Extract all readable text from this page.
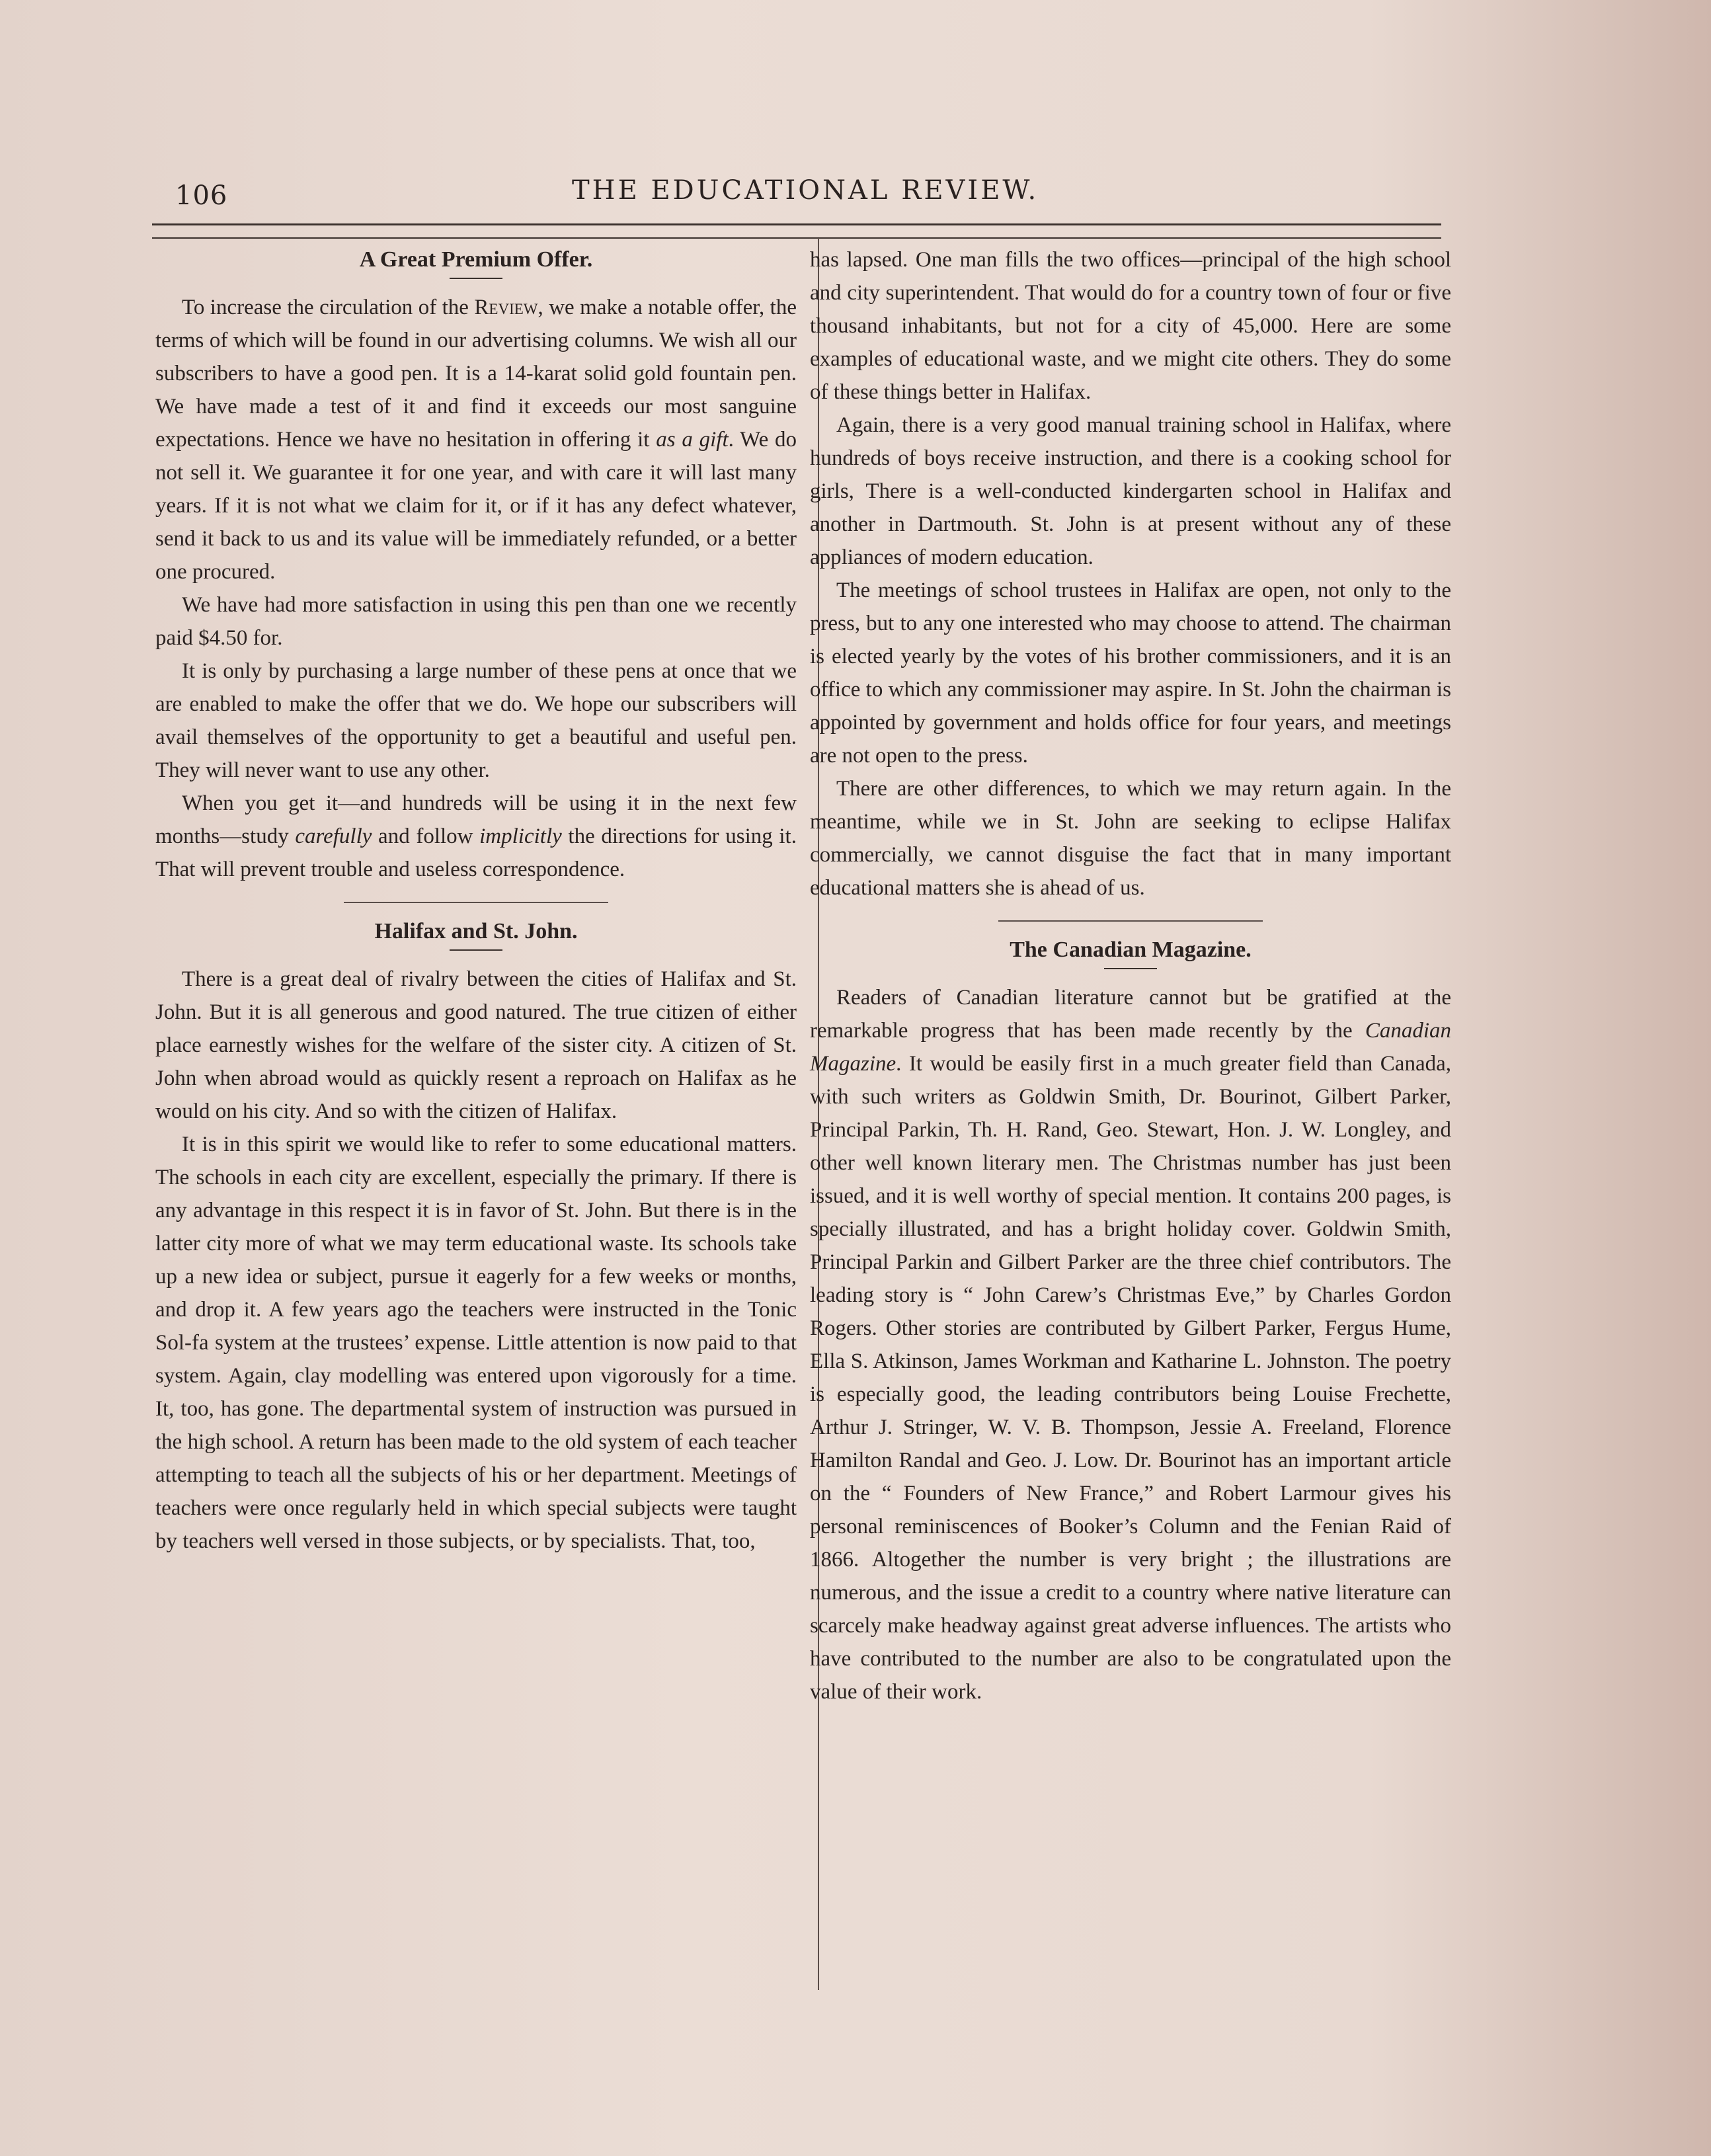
106	THE EDUCATIONAL REVIEW.
A Great Premium Offer.

To increase the circulation of the Review, we make a notable offer, the terms of which will be found in our advertising columns. We wish all our subscribers to have a good pen. It is a 14-karat solid gold fountain pen. We have made a test of it and find it exceeds our most sanguine expectations. Hence we have no hesitation in offering it as a gift. We do not sell it. We guarantee it for one year, and with care it will last many years. If it is not what we claim for it, or if it has any defect whatever, send it back to us and its value will be immediately refunded, or a better one procured.

We have had more satisfaction in using this pen than one we recently paid $4.50 for.

It is only by purchasing a large number of these pens at once that we are enabled to make the offer that we do. We hope our subscribers will avail themselves of the opportunity to get a beautiful and useful pen. They will never want to use any other.

When you get it—and hundreds will be using it in the next few months—study carefully and follow implicitly the directions for using it. That will prevent trouble and useless correspondence.

Halifax and St. John.

There is a great deal of rivalry between the cities of Halifax and St. John. But it is all generous and good natured. The true citizen of either place earnestly wishes for the welfare of the sister city. A citizen of St. John when abroad would as quickly resent a reproach on Halifax as he would on his city. And so with the citizen of Halifax.

It is in this spirit we would like to refer to some educational matters. The schools in each city are excellent, especially the primary. If there is any advantage in this respect it is in favor of St. John. But there is in the latter city more of what we may term educational waste. Its schools take up a new idea or subject, pursue it eagerly for a few weeks or months, and drop it. A few years ago the teachers were instructed in the Tonic Sol-fa system at the trustees’ expense. Little attention is now paid to that system. Again, clay modelling was entered upon vigorously for a time. It, too, has gone. The departmental system of instruction was pursued in the high school. A return has been made to the old system of each teacher attempting to teach all the subjects of his or her department. Meetings of teachers were once regularly held in which special subjects were taught by teachers well versed in those subjects, or by specialists. That, too,

has lapsed. One man fills the two offices—principal of the high school and city superintendent. That would do for a country town of four or five thousand inhabitants, but not for a city of 45,000. Here are some examples of educational waste, and we might cite others. They do some of these things better in Halifax.

Again, there is a very good manual training school in Halifax, where hundreds of boys receive instruction, and there is a cooking school for girls, There is a well-conducted kindergarten school in Halifax and another in Dartmouth. St. John is at present without any of these appliances of modern education.

The meetings of school trustees in Halifax are open, not only to the press, but to any one interested who may choose to attend. The chairman is elected yearly by the votes of his brother commissioners, and it is an office to which any commissioner may aspire. In St. John the chairman is appointed by government and holds office for four years, and meetings are not open to the press.

There are other differences, to which we may return again. In the meantime, while we in St. John are seeking to eclipse Halifax commercially, we cannot disguise the fact that in many important educational matters she is ahead of us.

The Canadian Magazine.

Readers of Canadian literature cannot but be gratified at the remarkable progress that has been made recently by the Canadian Magazine. It would be easily first in a much greater field than Canada, with such writers as Goldwin Smith, Dr. Bourinot, Gilbert Parker, Principal Parkin, Th. H. Rand, Geo. Stewart, Hon. J. W. Longley, and other well known literary men. The Christmas number has just been issued, and it is well worthy of special mention. It contains 200 pages, is specially illustrated, and has a bright holiday cover. Goldwin Smith, Principal Parkin and Gilbert Parker are the three chief contributors. The leading story is “ John Carew’s Christmas Eve,” by Charles Gordon Rogers. Other stories are contributed by Gilbert Parker, Fergus Hume, Ella S. Atkinson, James Workman and Katharine L. Johnston. The poetry is especially good, the leading contributors being Louise Frechette, Arthur J. Stringer, W. V. B. Thompson, Jessie A. Freeland, Florence Hamilton Randal and Geo. J. Low. Dr. Bourinot has an important article on the “ Founders of New France,” and Robert Larmour gives his personal reminiscences of Booker’s Column and the Fenian Raid of 1866. Altogether the number is very bright ; the illustrations are numerous, and the issue a credit to a country where native literature can scarcely make headway against great adverse influences. The artists who have contributed to the number are also to be congratulated upon the value of their work.
